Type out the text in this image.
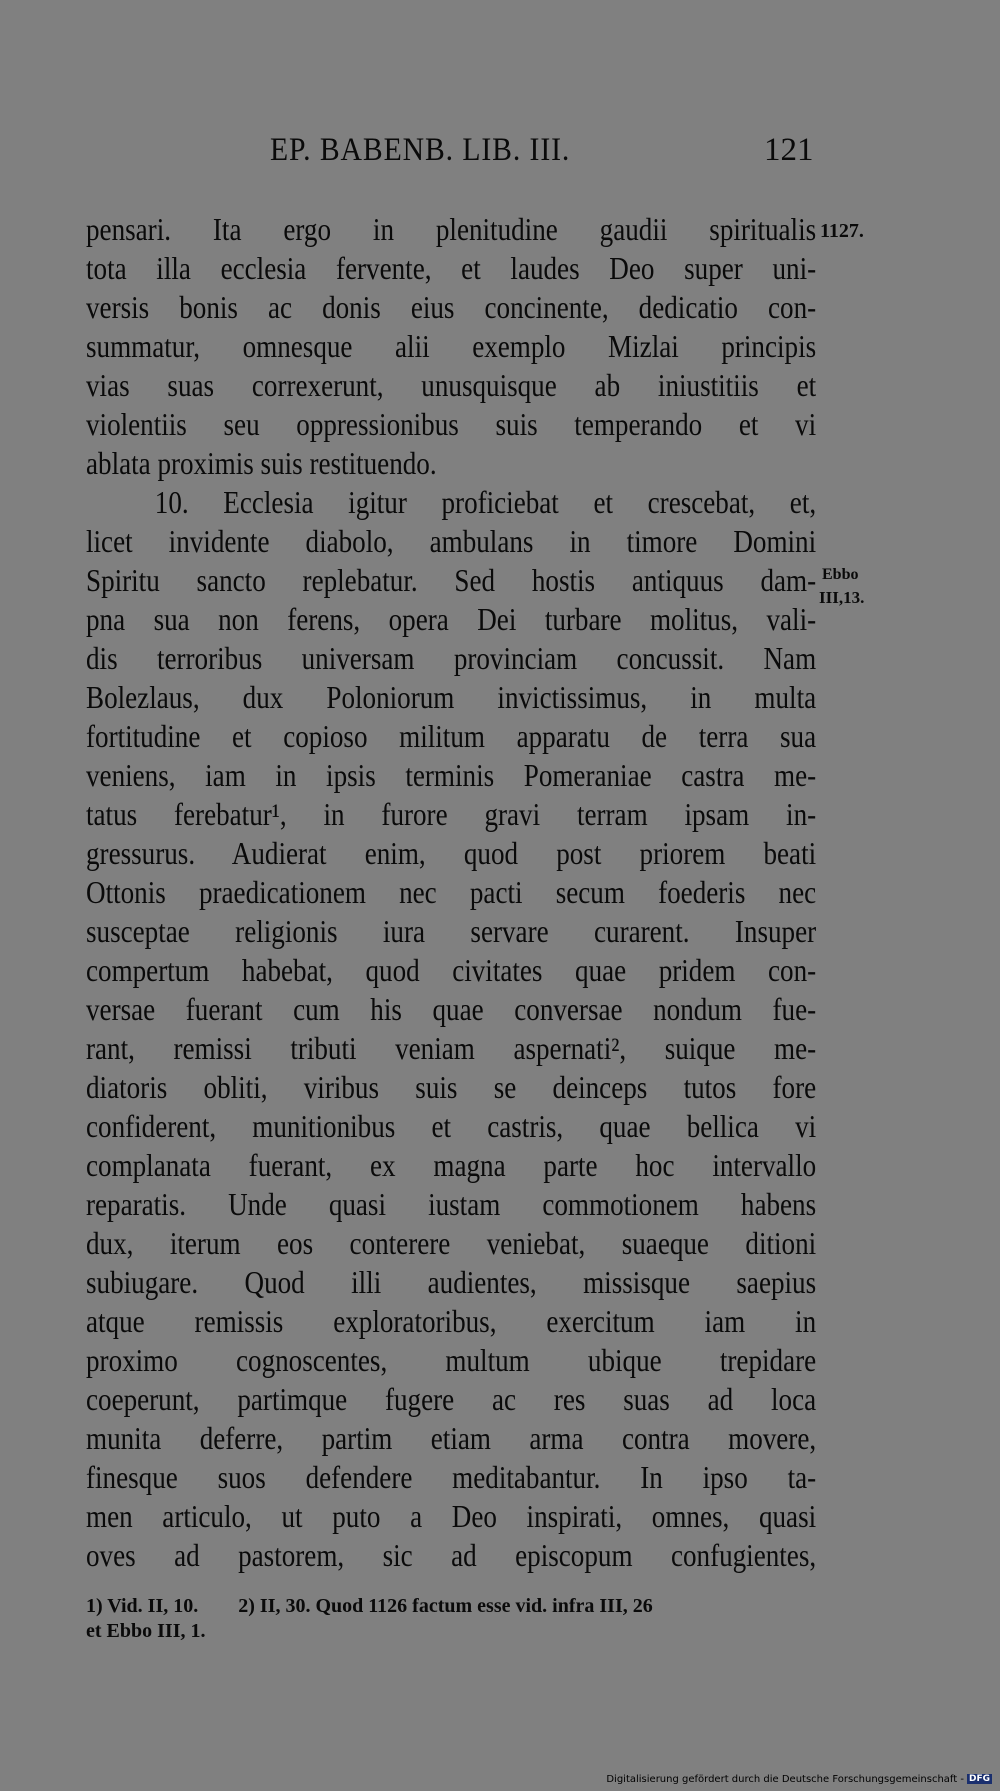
EP. BABENB. LIB. III.	121
pensari. Ita ergo in plenitudine gaudii spiritualis
tota illa ecclesia fervente, et laudes Deo super uni-
versis bonis ac donis eius concinente, dedicatio con-
summatur, omnesque alii exemplo Mizlai principis
vias suas correxerunt, unusquisque ab iniustitiis et
violentiis seu oppressionibus suis temperando et vi
ablata proximis suis restituendo.
10. Ecclesia igitur proficiebat et crescebat, et,
licet invidente diabolo, ambulans in timore Domini
Spiritu sancto replebatur. Sed hostis antiquus dam-
pna sua non ferens, opera Dei turbare molitus, vali-
dis terroribus universam provinciam concussit. Nam
Bolezlaus, dux Poloniorum invictissimus, in multa
fortitudine et copioso militum apparatu de terra sua
veniens, iam in ipsis terminis Pomeraniae castra me-
tatus ferebatur¹, in furore gravi terram ipsam in-
gressurus. Audierat enim, quod post priorem beati
Ottonis praedicationem nec pacti secum foederis nec
susceptae religionis iura servare curarent. Insuper
compertum habebat, quod civitates quae pridem con-
versae fuerant cum his quae conversae nondum fue-
rant, remissi tributi veniam aspernati², suique me-
diatoris obliti, viribus suis se deinceps tutos fore
confiderent, munitionibus et castris, quae bellica vi
complanata fuerant, ex magna parte hoc intervallo
reparatis. Unde quasi iustam commotionem habens
dux, iterum eos conterere veniebat, suaeque ditioni
subiugare. Quod illi audientes, missisque saepius
atque remissis exploratoribus, exercitum iam in
proximo cognoscentes, multum ubique trepidare
coeperunt, partimque fugere ac res suas ad loca
munita deferre, partim etiam arma contra movere,
finesque suos defendere meditabantur. In ipso ta-
men articulo, ut puto a Deo inspirati, omnes, quasi
oves ad pastorem, sic ad episcopum confugientes,
1127.
Ebbo
III,13.
1) Vid. II, 10. 2) II, 30. Quod 1126 factum esse vid. infra III, 26
et Ebbo III, 1.
Digitalisierung gefördert durch die Deutsche Forschungsgemeinschaft - DFG
